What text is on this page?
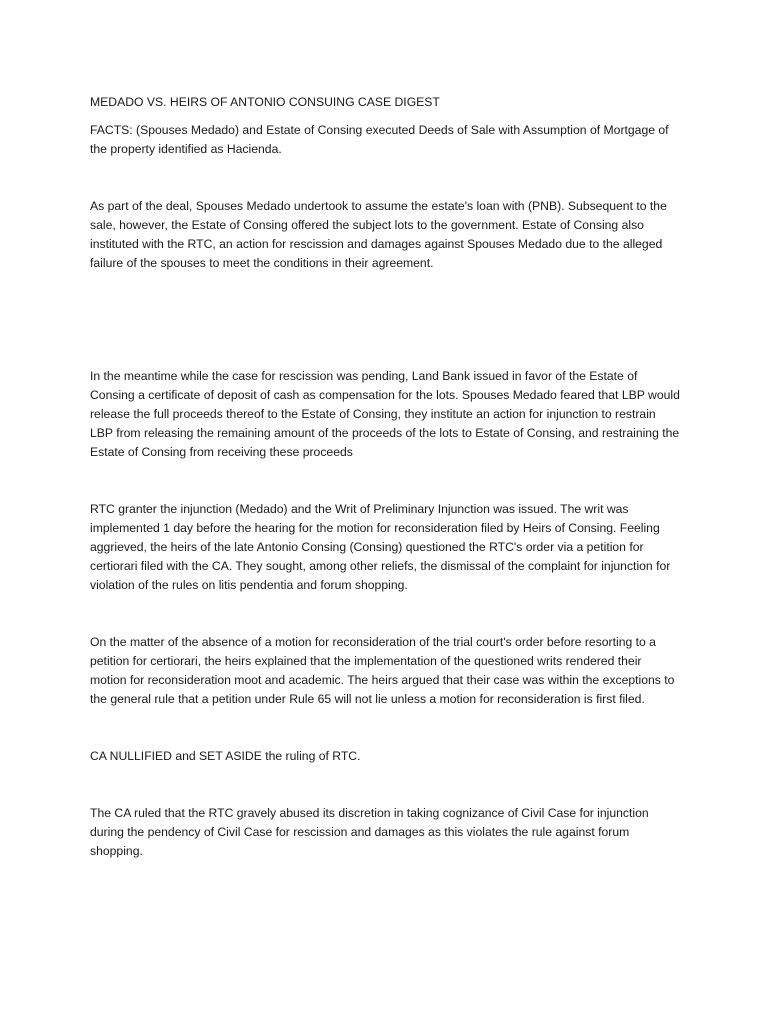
MEDADO VS. HEIRS OF ANTONIO CONSUING CASE DIGEST

FACTS: (Spouses Medado) and Estate of Consing executed Deeds of Sale with Assumption of Mortgage of the property identified as Hacienda.

As part of the deal, Spouses Medado undertook to assume the estate's loan with (PNB). Subsequent to the sale, however, the Estate of Consing offered the subject lots to the government. Estate of Consing also instituted with the RTC, an action for rescission and damages against Spouses Medado due to the alleged failure of the spouses to meet the conditions in their agreement.

In the meantime while the case for rescission was pending, Land Bank issued in favor of the Estate of Consing a certificate of deposit of cash as compensation for the lots. Spouses Medado feared that LBP would release the full proceeds thereof to the Estate of Consing, they institute an action for injunction to restrain LBP from releasing the remaining amount of the proceeds of the lots to Estate of Consing, and restraining the Estate of Consing from receiving these proceeds

RTC granter the injunction (Medado) and the Writ of Preliminary Injunction was issued. The writ was implemented 1 day before the hearing for the motion for reconsideration filed by Heirs of Consing. Feeling aggrieved, the heirs of the late Antonio Consing (Consing) questioned the RTC's order via a petition for certiorari filed with the CA. They sought, among other reliefs, the dismissal of the complaint for injunction for violation of the rules on litis pendentia and forum shopping.

On the matter of the absence of a motion for reconsideration of the trial court's order before resorting to a petition for certiorari, the heirs explained that the implementation of the questioned writs rendered their motion for reconsideration moot and academic. The heirs argued that their case was within the exceptions to the general rule that a petition under Rule 65 will not lie unless a motion for reconsideration is first filed.

CA NULLIFIED and SET ASIDE the ruling of RTC.

The CA ruled that the RTC gravely abused its discretion in taking cognizance of Civil Case for injunction during the pendency of Civil Case for rescission and damages as this violates the rule against forum shopping.
